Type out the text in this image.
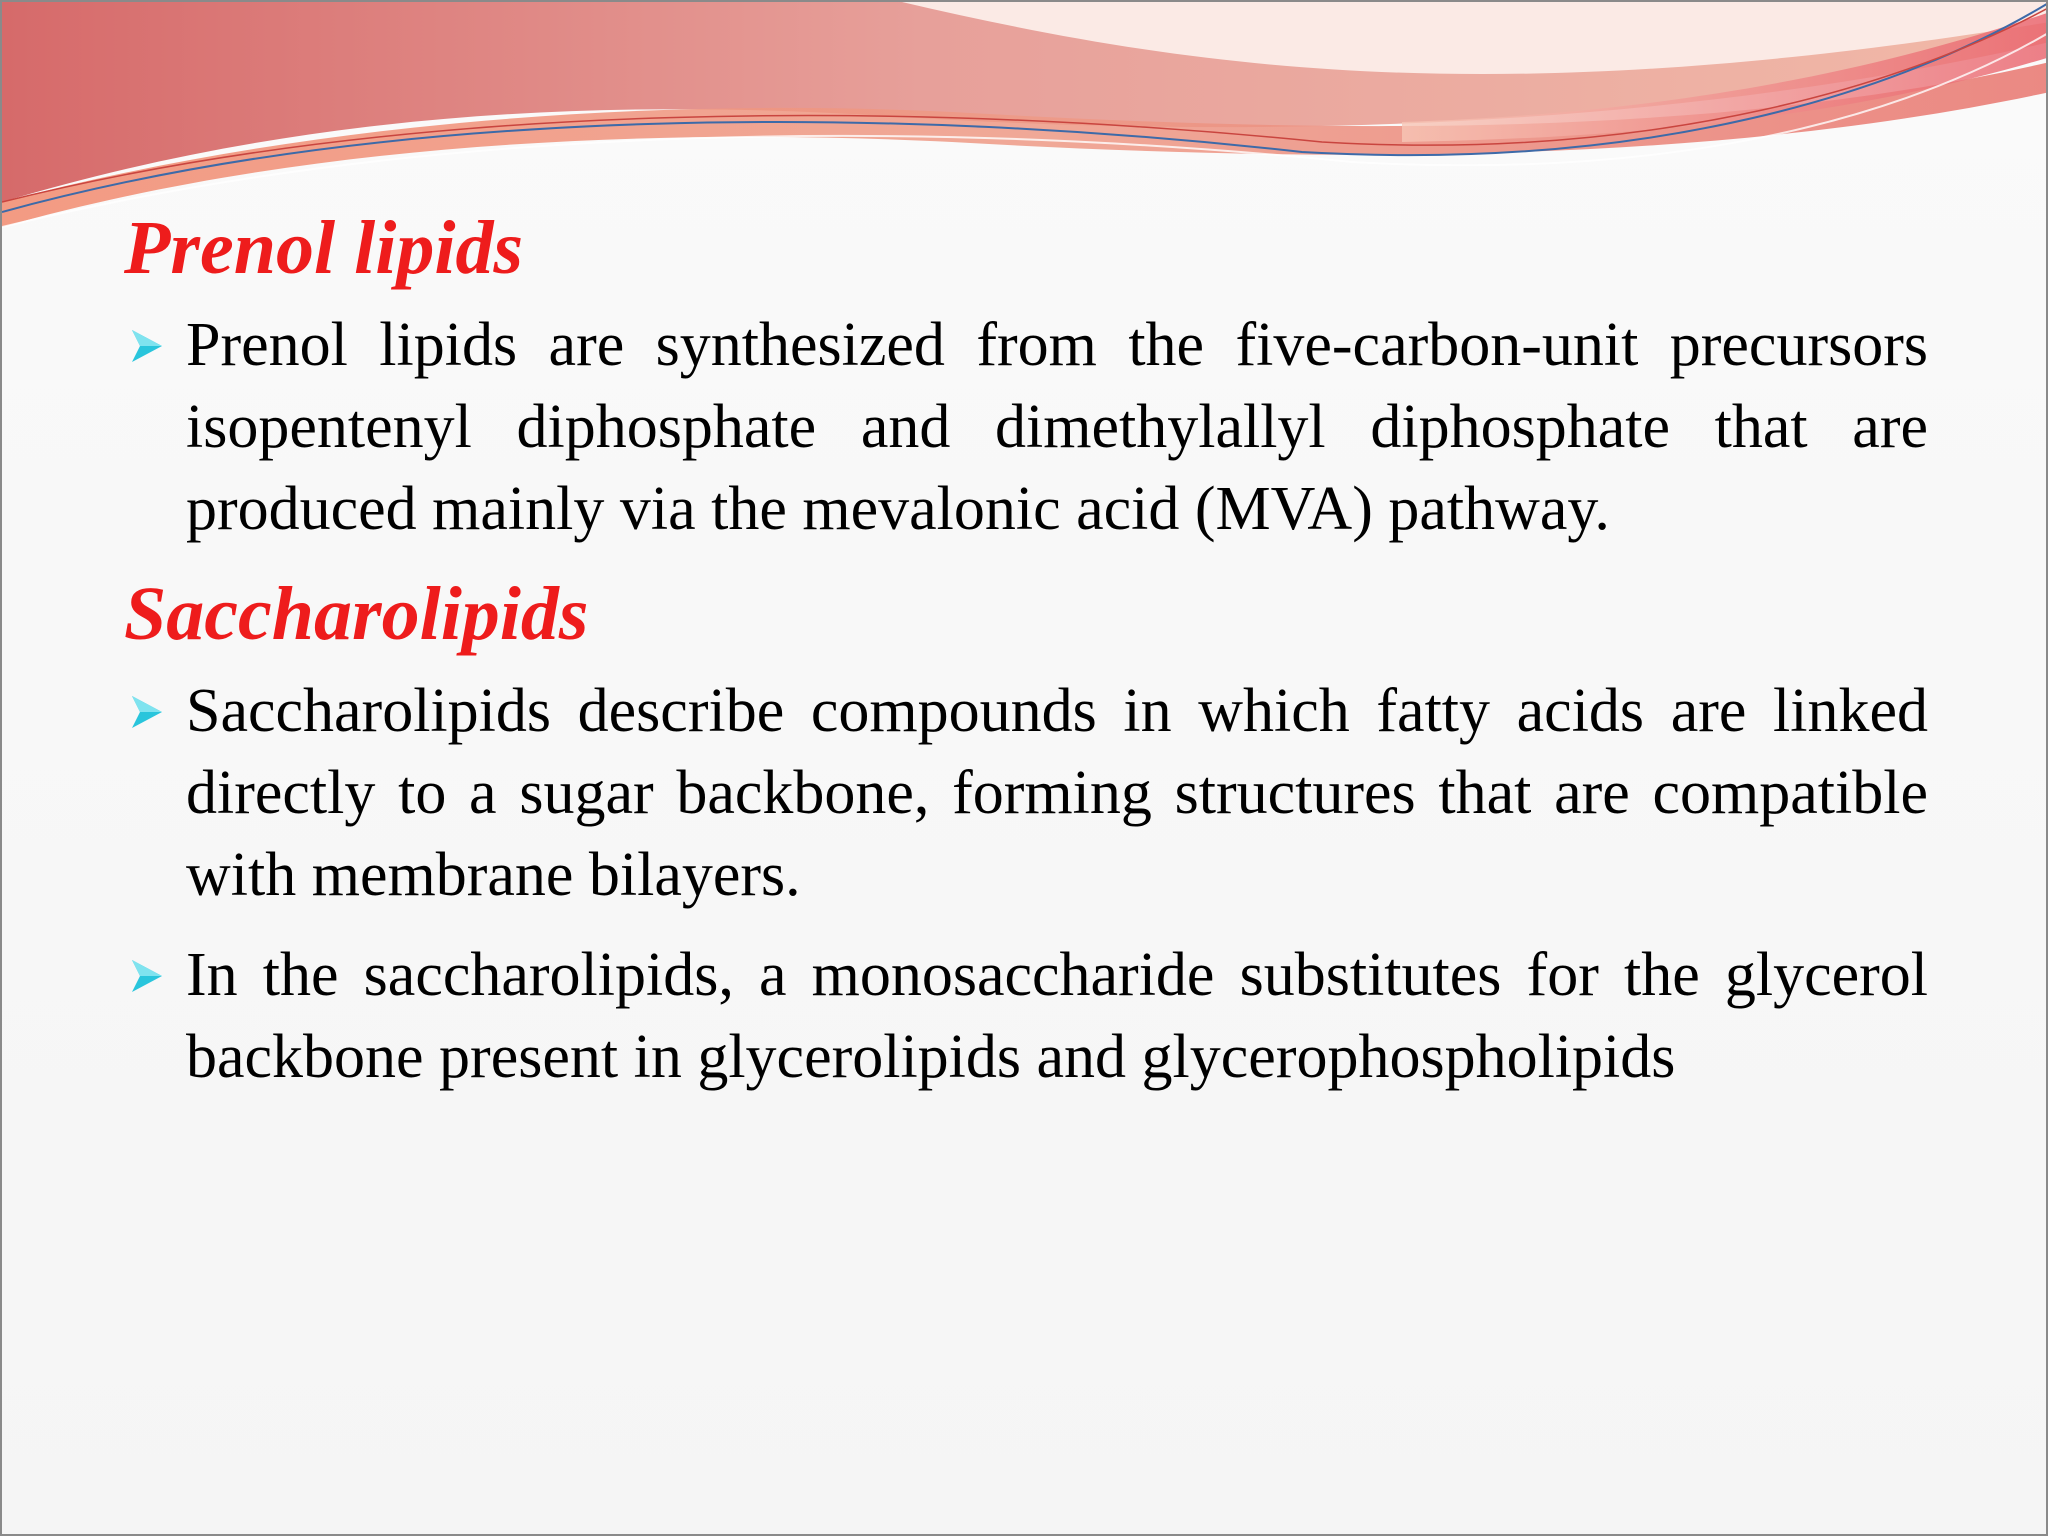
Prenol lipids

Prenol lipids are synthesized from the five-carbon-unit precursors isopentenyl diphosphate and dimethylallyl diphosphate that are produced mainly via the mevalonic acid (MVA) pathway.

Saccharolipids

Saccharolipids describe compounds in which fatty acids are linked directly to a sugar backbone, forming structures that are compatible with membrane bilayers.

In the saccharolipids, a monosaccharide substitutes for the glycerol backbone present in glycerolipids and glycerophospholipids
